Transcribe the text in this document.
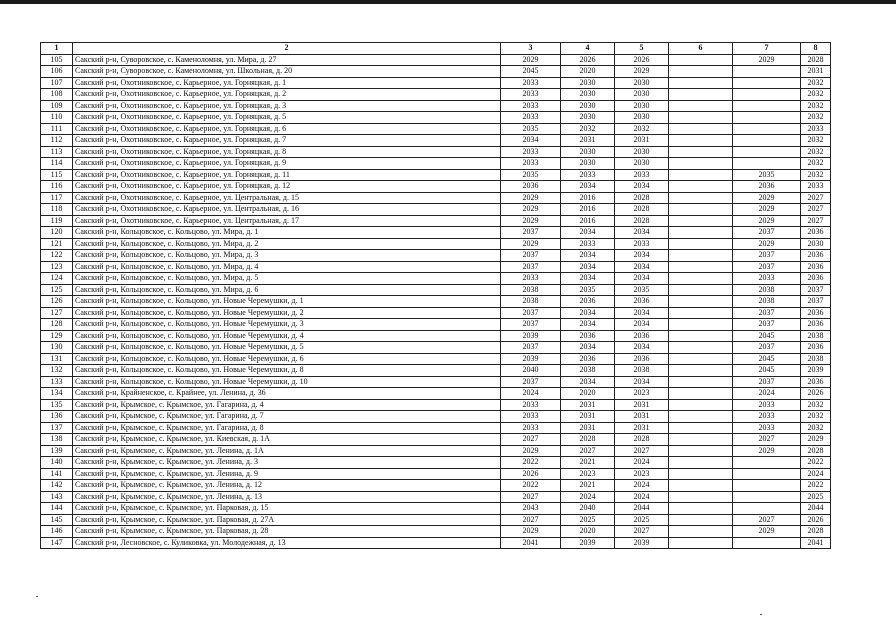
1	2	3	4	5	6	7	8
105	Сакский р-н, Суворовское, с. Каменоломня, ул. Мира, д. 27	2029	2026	2026		2029	2028
106	Сакский р-н, Суворовское, с. Каменоломня, ул. Школьная, д. 20	2045	2020	2029			2031
107	Сакский р-н, Охотниковское, с. Карьерное, ул. Горняцкая, д. 1	2033	2030	2030			2032
108	Сакский р-н, Охотниковское, с. Карьерное, ул. Горняцкая, д. 2	2033	2030	2030			2032
109	Сакский р-н, Охотниковское, с. Карьерное, ул. Горняцкая, д. 3	2033	2030	2030			2032
110	Сакский р-н, Охотниковское, с. Карьерное, ул. Горняцкая, д. 5	2033	2030	2030			2032
111	Сакский р-н, Охотниковское, с. Карьерное, ул. Горняцкая, д. 6	2035	2032	2032			2033
112	Сакский р-н, Охотниковское, с. Карьерное, ул. Горняцкая, д. 7	2034	2031	2031			2032
113	Сакский р-н, Охотниковское, с. Карьерное, ул. Горняцкая, д. 8	2033	2030	2030			2032
114	Сакский р-н, Охотниковское, с. Карьерное, ул. Горняцкая, д. 9	2033	2030	2030			2032
115	Сакский р-н, Охотниковское, с. Карьерное, ул. Горняцкая, д. 11	2035	2033	2033		2035	2032
116	Сакский р-н, Охотниковское, с. Карьерное, ул. Горняцкая, д. 12	2036	2034	2034		2036	2033
117	Сакский р-н, Охотниковское, с. Карьерное, ул. Центральная, д. 15	2029	2016	2028		2029	2027
118	Сакский р-н, Охотниковское, с. Карьерное, ул. Центральная, д. 16	2029	2016	2028		2029	2027
119	Сакский р-н, Охотниковское, с. Карьерное, ул. Центральная, д. 17	2029	2016	2028		2029	2027
120	Сакский р-н, Кольцовское, с. Кольцово, ул. Мира, д. 1	2037	2034	2034		2037	2036
121	Сакский р-н, Кольцовское, с. Кольцово, ул. Мира, д. 2	2029	2033	2033		2029	2030
122	Сакский р-н, Кольцовское, с. Кольцово, ул. Мира, д. 3	2037	2034	2034		2037	2036
123	Сакский р-н, Кольцовское, с. Кольцово, ул. Мира, д. 4	2037	2034	2034		2037	2036
124	Сакский р-н, Кольцовское, с. Кольцово, ул. Мира, д. 5	2033	2034	2034		2033	2036
125	Сакский р-н, Кольцовское, с. Кольцово, ул. Мира, д. 6	2038	2035	2035		2038	2037
126	Сакский р-н, Кольцовское, с. Кольцово, ул. Новые Черемушки, д. 1	2038	2036	2036		2038	2037
127	Сакский р-н, Кольцовское, с. Кольцово, ул. Новые Черемушки, д. 2	2037	2034	2034		2037	2036
128	Сакский р-н, Кольцовское, с. Кольцово, ул. Новые Черемушки, д. 3	2037	2034	2034		2037	2036
129	Сакский р-н, Кольцовское, с. Кольцово, ул. Новые Черемушки, д. 4	2039	2036	2036		2045	2038
130	Сакский р-н, Кольцовское, с. Кольцово, ул. Новые Черемушки, д. 5	2037	2034	2034		2037	2036
131	Сакский р-н, Кольцовское, с. Кольцово, ул. Новые Черемушки, д. 6	2039	2036	2036		2045	2038
132	Сакский р-н, Кольцовское, с. Кольцово, ул. Новые Черемушки, д. 8	2040	2038	2038		2045	2039
133	Сакский р-н, Кольцовское, с. Кольцово, ул. Новые Черемушки, д. 10	2037	2034	2034		2037	2036
134	Сакский р-н, Крайненское, с. Крайнее, ул. Ленина, д. 36	2024	2020	2023		2024	2026
135	Сакский р-н, Крымское, с. Крымское, ул. Гагарина, д. 4	2033	2031	2031		2033	2032
136	Сакский р-н, Крымское, с. Крымское, ул. Гагарина, д. 7	2033	2031	2031		2033	2032
137	Сакский р-н, Крымское, с. Крымское, ул. Гагарина, д. 8	2033	2031	2031		2033	2032
138	Сакский р-н, Крымское, с. Крымское, ул. Киевская, д. 1А	2027	2028	2028		2027	2029
139	Сакский р-н, Крымское, с. Крымское, ул. Ленина, д. 1А	2029	2027	2027		2029	2028
140	Сакский р-н, Крымское, с. Крымское, ул. Ленина, д. 3	2022	2021	2024			2022
141	Сакский р-н, Крымское, с. Крымское, ул. Ленина, д. 9	2026	2023	2023			2024
142	Сакский р-н, Крымское, с. Крымское, ул. Ленина, д. 12	2022	2021	2024			2022
143	Сакский р-н, Крымское, с. Крымское, ул. Ленина, д. 13	2027	2024	2024			2025
144	Сакский р-н, Крымское, с. Крымское, ул. Парковая, д. 15	2043	2040	2044			2044
145	Сакский р-н, Крымское, с. Крымское, ул. Парковая, д. 27А	2027	2025	2025		2027	2026
146	Сакский р-н, Крымское, с. Крымское, ул. Парковая, д. 28	2029	2020	2027		2029	2028
147	Сакский р-н, Лесновское, с. Куликовка, ул. Молодежная, д. 13	2041	2039	2039			2041
